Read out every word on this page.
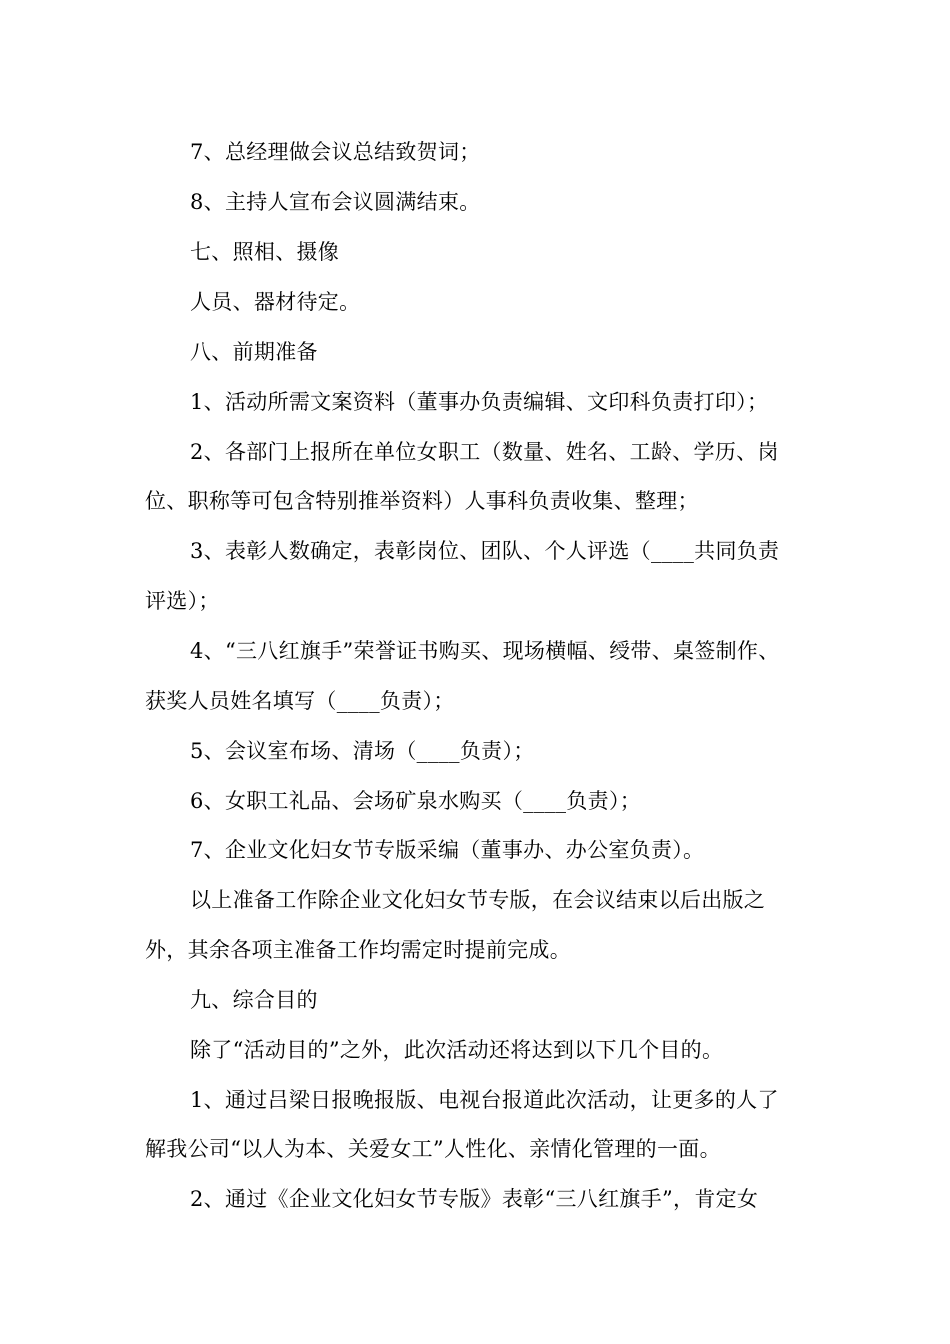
7、总经理做会议总结致贺词；

8、主持人宣布会议圆满结束。

七、照相、摄像

人员、器材待定。

八、前期准备

1、活动所需文案资料（董事办负责编辑、文印科负责打印）；

2、各部门上报所在单位女职工（数量、姓名、工龄、学历、岗

位、职称等可包含特别推举资料）人事科负责收集、整理；

3、表彰人数确定，表彰岗位、团队、个人评选（____共同负责

评选）；

4、“三八红旗手”荣誉证书购买、现场横幅、绶带、桌签制作、

获奖人员姓名填写（____负责）；

5、会议室布场、清场（____负责）；

6、女职工礼品、会场矿泉水购买（____负责）；

7、企业文化妇女节专版采编（董事办、办公室负责）。

以上准备工作除企业文化妇女节专版，在会议结束以后出版之

外，其余各项主准备工作均需定时提前完成。

九、综合目的

除了“活动目的”之外，此次活动还将达到以下几个目的。

1、通过吕梁日报晚报版、电视台报道此次活动，让更多的人了

解我公司“以人为本、关爱女工”人性化、亲情化管理的一面。

2、通过《企业文化妇女节专版》表彰“三八红旗手”，肯定女
